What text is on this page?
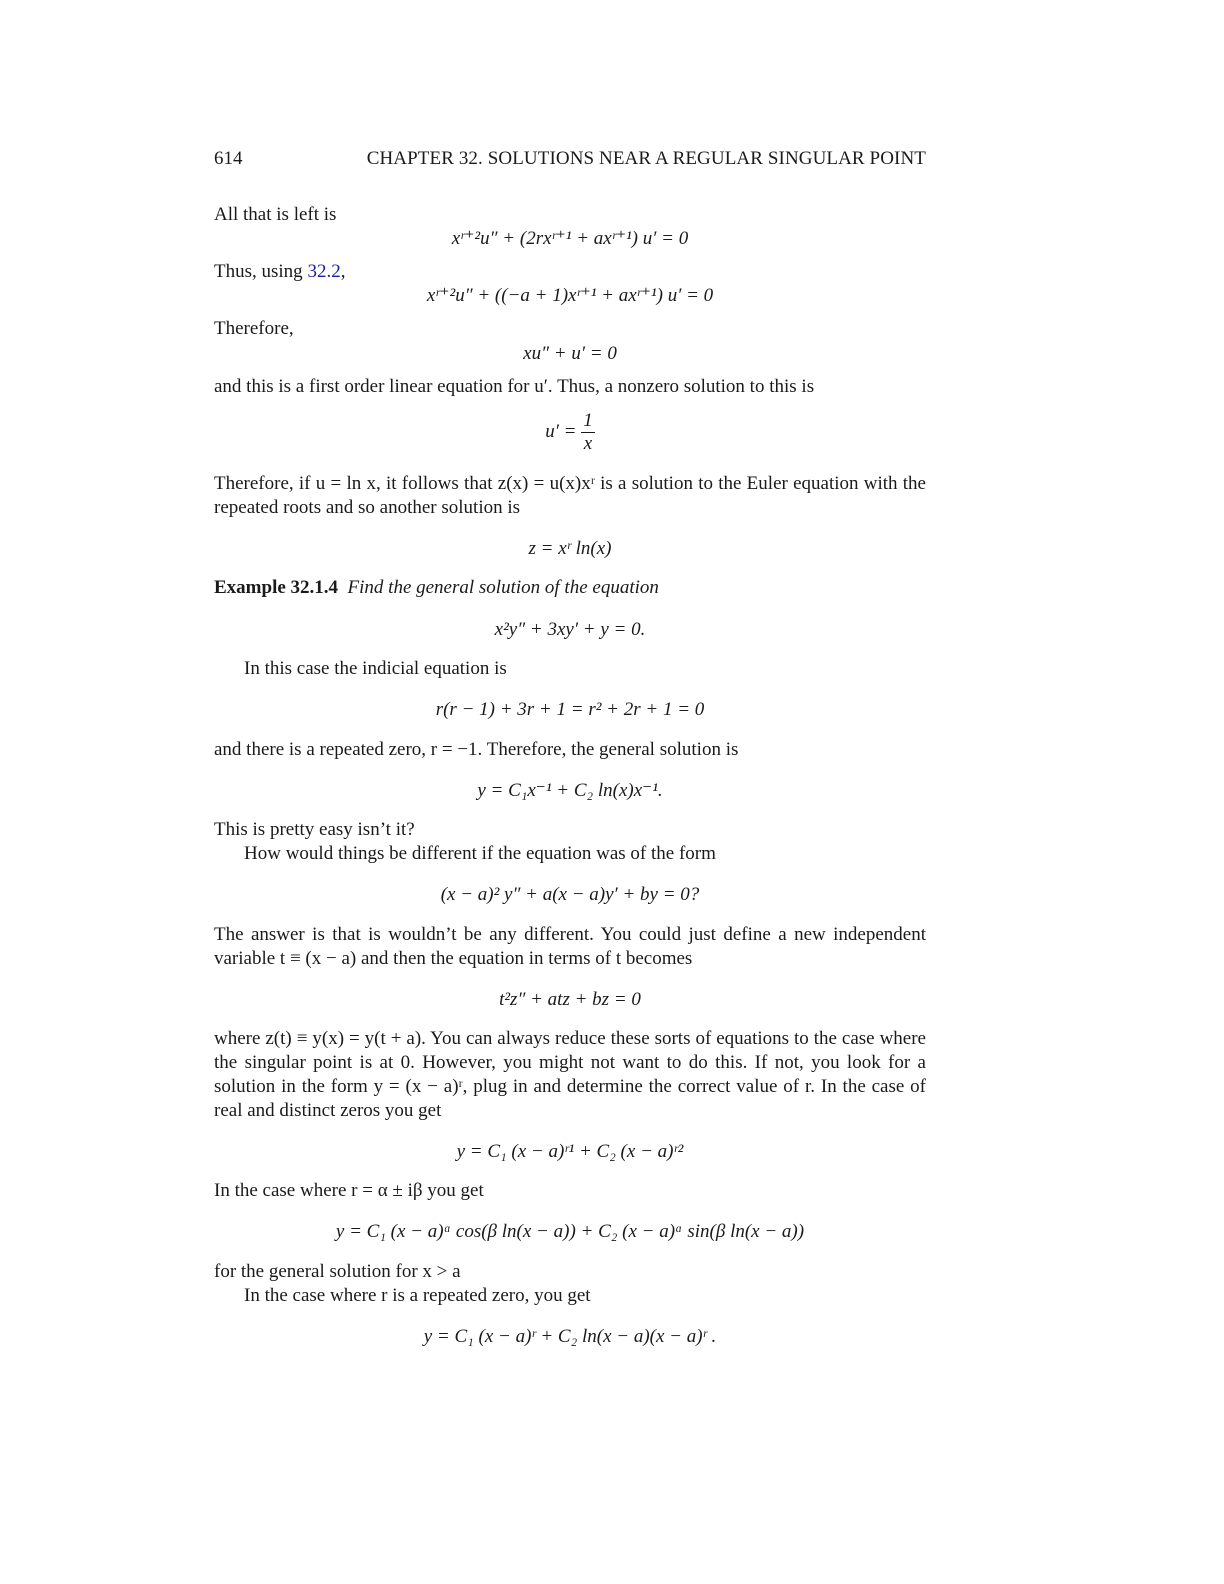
614	CHAPTER 32. SOLUTIONS NEAR A REGULAR SINGULAR POINT
All that is left is
xʳ⁺²u″ + (2rxʳ⁺¹ + axʳ⁺¹) u′ = 0
Thus, using 32.2,
xʳ⁺²u″ + ((−a + 1)xʳ⁺¹ + axʳ⁺¹) u′ = 0
Therefore,
xu″ + u′ = 0
and this is a first order linear equation for u′. Thus, a nonzero solution to this is
$u' = \frac{1}{x}$
Therefore, if u = ln x, it follows that z(x) = u(x)xʳ is a solution to the Euler equation with the repeated roots and so another solution is
z = xʳ ln(x)
Example 32.1.4 Find the general solution of the equation
x²y″ + 3xy′ + y = 0.
In this case the indicial equation is
r(r − 1) + 3r + 1 = r² + 2r + 1 = 0
and there is a repeated zero, r = −1. Therefore, the general solution is
y = C₁x⁻¹ + C₂ ln(x)x⁻¹.
This is pretty easy isn’t it?
How would things be different if the equation was of the form
(x − a)² y″ + a(x − a)y′ + by = 0?
The answer is that is wouldn’t be any different. You could just define a new independent variable t ≡ (x − a) and then the equation in terms of t becomes
t²z″ + atz + bz = 0
where z(t) ≡ y(x) = y(t + a). You can always reduce these sorts of equations to the case where the singular point is at 0. However, you might not want to do this. If not, you look for a solution in the form y = (x − a)ʳ, plug in and determine the correct value of r. In the case of real and distinct zeros you get
y = C₁ (x − a)ʳ¹ + C₂ (x − a)ʳ²
In the case where r = α ± iβ you get
y = C₁ (x − a)ᵅ cos(β ln(x − a)) + C₂ (x − a)ᵅ sin(β ln(x − a))
for the general solution for x > a
In the case where r is a repeated zero, you get
y = C₁ (x − a)ʳ + C₂ ln(x − a)(x − a)ʳ .
